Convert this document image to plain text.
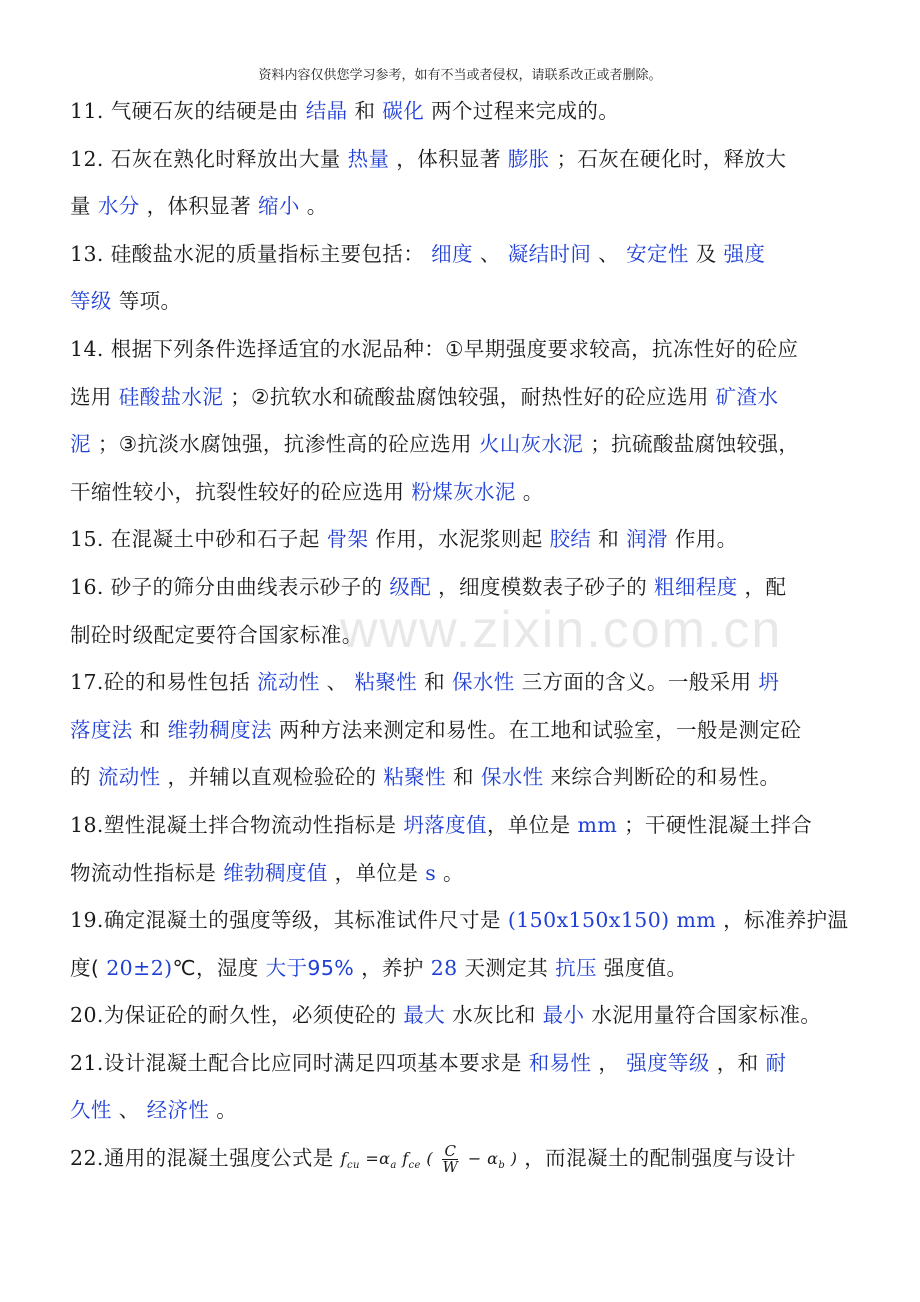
资料内容仅供您学习参考，如有不当或者侵权，请联系改正或者删除。
www.zixin.com.cn
11. 气硬石灰的结硬是由 结晶 和 碳化 两个过程来完成的。
12. 石灰在熟化时释放出大量 热量 ，体积显著 膨胀 ；石灰在硬化时，释放大
量 水分 ，体积显著 缩小 。
13. 硅酸盐水泥的质量指标主要包括： 细度 、 凝结时间 、 安定性 及 强度
等级 等项。
14. 根据下列条件选择适宜的水泥品种：①早期强度要求较高，抗冻性好的砼应
选用 硅酸盐水泥 ；②抗软水和硫酸盐腐蚀较强，耐热性好的砼应选用 矿渣水
泥 ；③抗淡水腐蚀强，抗渗性高的砼应选用 火山灰水泥 ；抗硫酸盐腐蚀较强，
干缩性较小，抗裂性较好的砼应选用 粉煤灰水泥 。
15. 在混凝土中砂和石子起 骨架 作用，水泥浆则起 胶结 和 润滑 作用。
16. 砂子的筛分由曲线表示砂子的 级配 ，细度模数表子砂子的 粗细程度 ，配
制砼时级配定要符合国家标准。
17.砼的和易性包括 流动性 、 粘聚性 和 保水性 三方面的含义。一般采用 坍
落度法 和 维勃稠度法 两种方法来测定和易性。在工地和试验室，一般是测定砼
的 流动性 ，并辅以直观检验砼的 粘聚性 和 保水性 来综合判断砼的和易性。
18.塑性混凝土拌合物流动性指标是 坍落度值，单位是 mm ；干硬性混凝土拌合
物流动性指标是 维勃稠度值 ，单位是 s 。
19.确定混凝土的强度等级，其标准试件尺寸是 (150x150x150) mm ，标准养护温
度( 20±2)℃，湿度 大于95% ，养护 28 天测定其 抗压 强度值。
20.为保证砼的耐久性，必须使砼的 最大 水灰比和 最小 水泥用量符合国家标准。
21.设计混凝土配合比应同时满足四项基本要求是 和易性 ， 强度等级 ，和 耐
久性 、 经济性 。
22.通用的混凝土强度公式是 $f_{cu} =\alpha_a$ $f_{ce}$ ( $\frac{C}{W} - \alpha_b$ ) ，而混凝土的配制强度与设计
